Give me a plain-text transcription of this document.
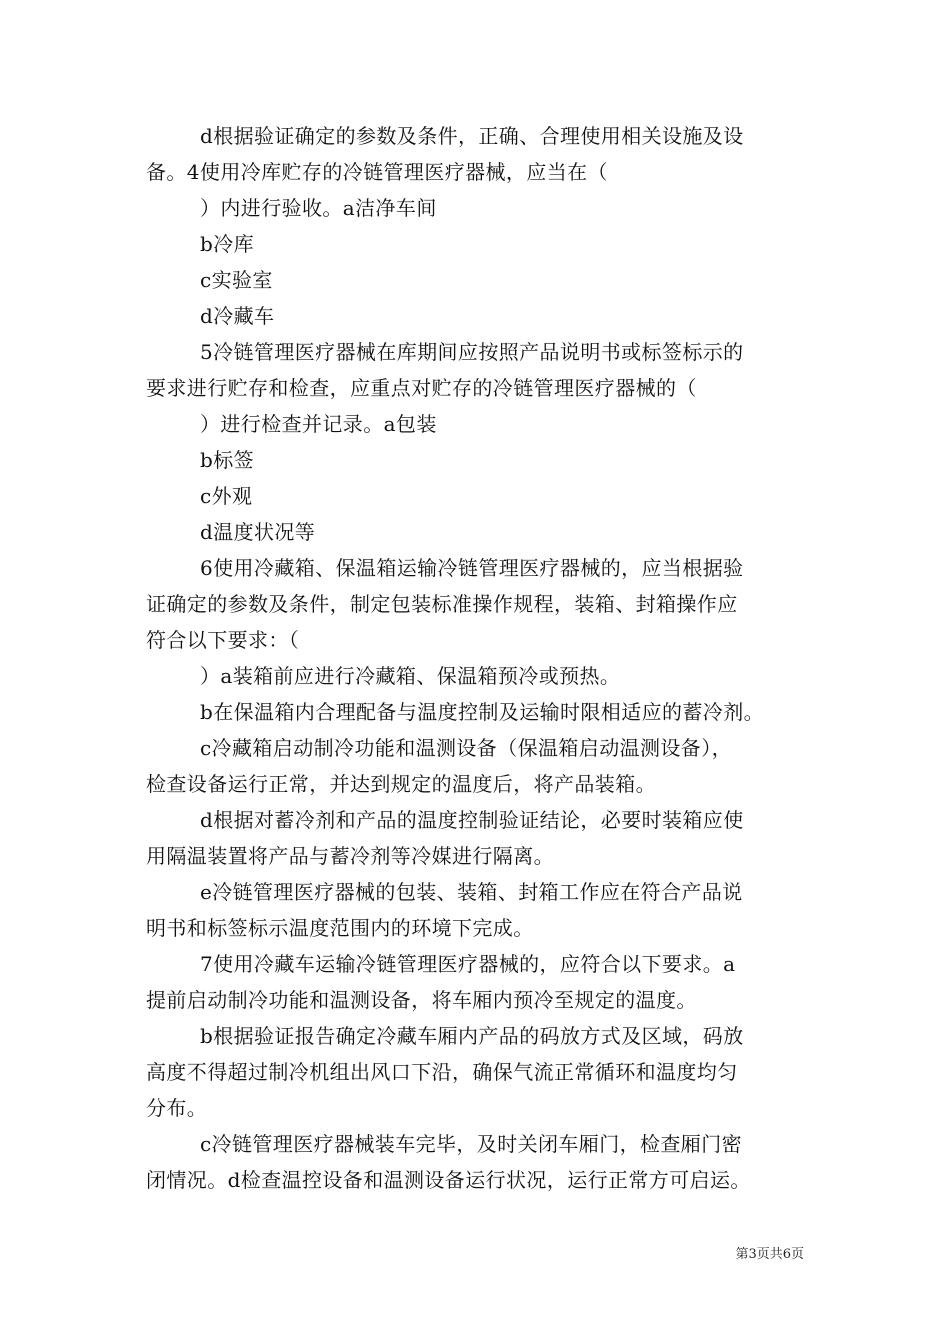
d根据验证确定的参数及条件，正确、合理使用相关设施及设
备。4使用冷库贮存的冷链管理医疗器械，应当在（
）内进行验收。a洁净车间
b冷库
c实验室
d冷藏车
5冷链管理医疗器械在库期间应按照产品说明书或标签标示的
要求进行贮存和检查，应重点对贮存的冷链管理医疗器械的（
）进行检查并记录。a包装
b标签
c外观
d温度状况等
6使用冷藏箱、保温箱运输冷链管理医疗器械的，应当根据验
证确定的参数及条件，制定包装标准操作规程，装箱、封箱操作应
符合以下要求：（
）a装箱前应进行冷藏箱、保温箱预冷或预热。
b在保温箱内合理配备与温度控制及运输时限相适应的蓄冷剂。
c冷藏箱启动制冷功能和温测设备（保温箱启动温测设备），
检查设备运行正常，并达到规定的温度后，将产品装箱。
d根据对蓄冷剂和产品的温度控制验证结论，必要时装箱应使
用隔温装置将产品与蓄冷剂等冷媒进行隔离。
e冷链管理医疗器械的包装、装箱、封箱工作应在符合产品说
明书和标签标示温度范围内的环境下完成。
7使用冷藏车运输冷链管理医疗器械的，应符合以下要求。a
提前启动制冷功能和温测设备，将车厢内预冷至规定的温度。
b根据验证报告确定冷藏车厢内产品的码放方式及区域，码放
高度不得超过制冷机组出风口下沿，确保气流正常循环和温度均匀
分布。
c冷链管理医疗器械装车完毕，及时关闭车厢门，检查厢门密
闭情况。d检查温控设备和温测设备运行状况，运行正常方可启运。
第3页共6页
